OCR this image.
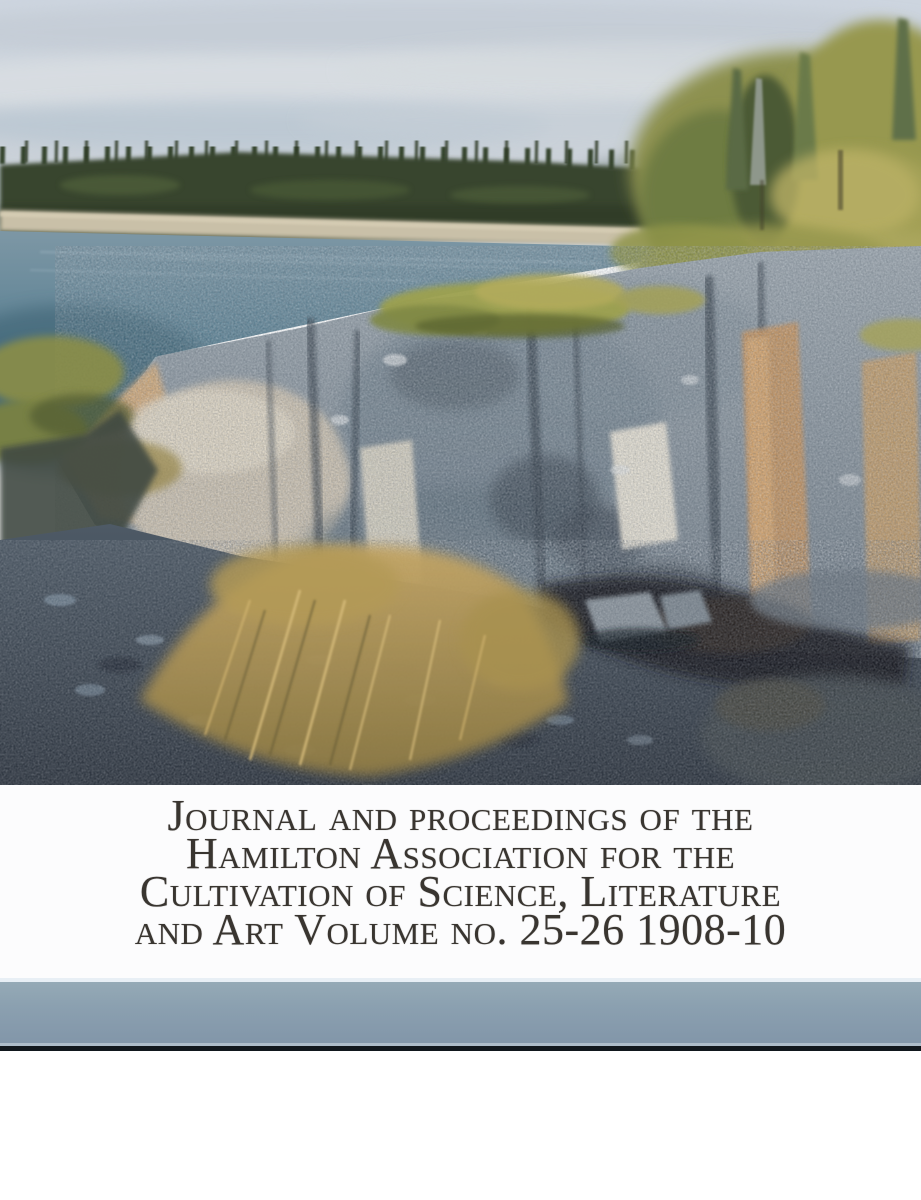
Journal and proceedings of the
Hamilton Association for the
Cultivation of Science, Literature
and Art Volume no. 25-26 1908-10
